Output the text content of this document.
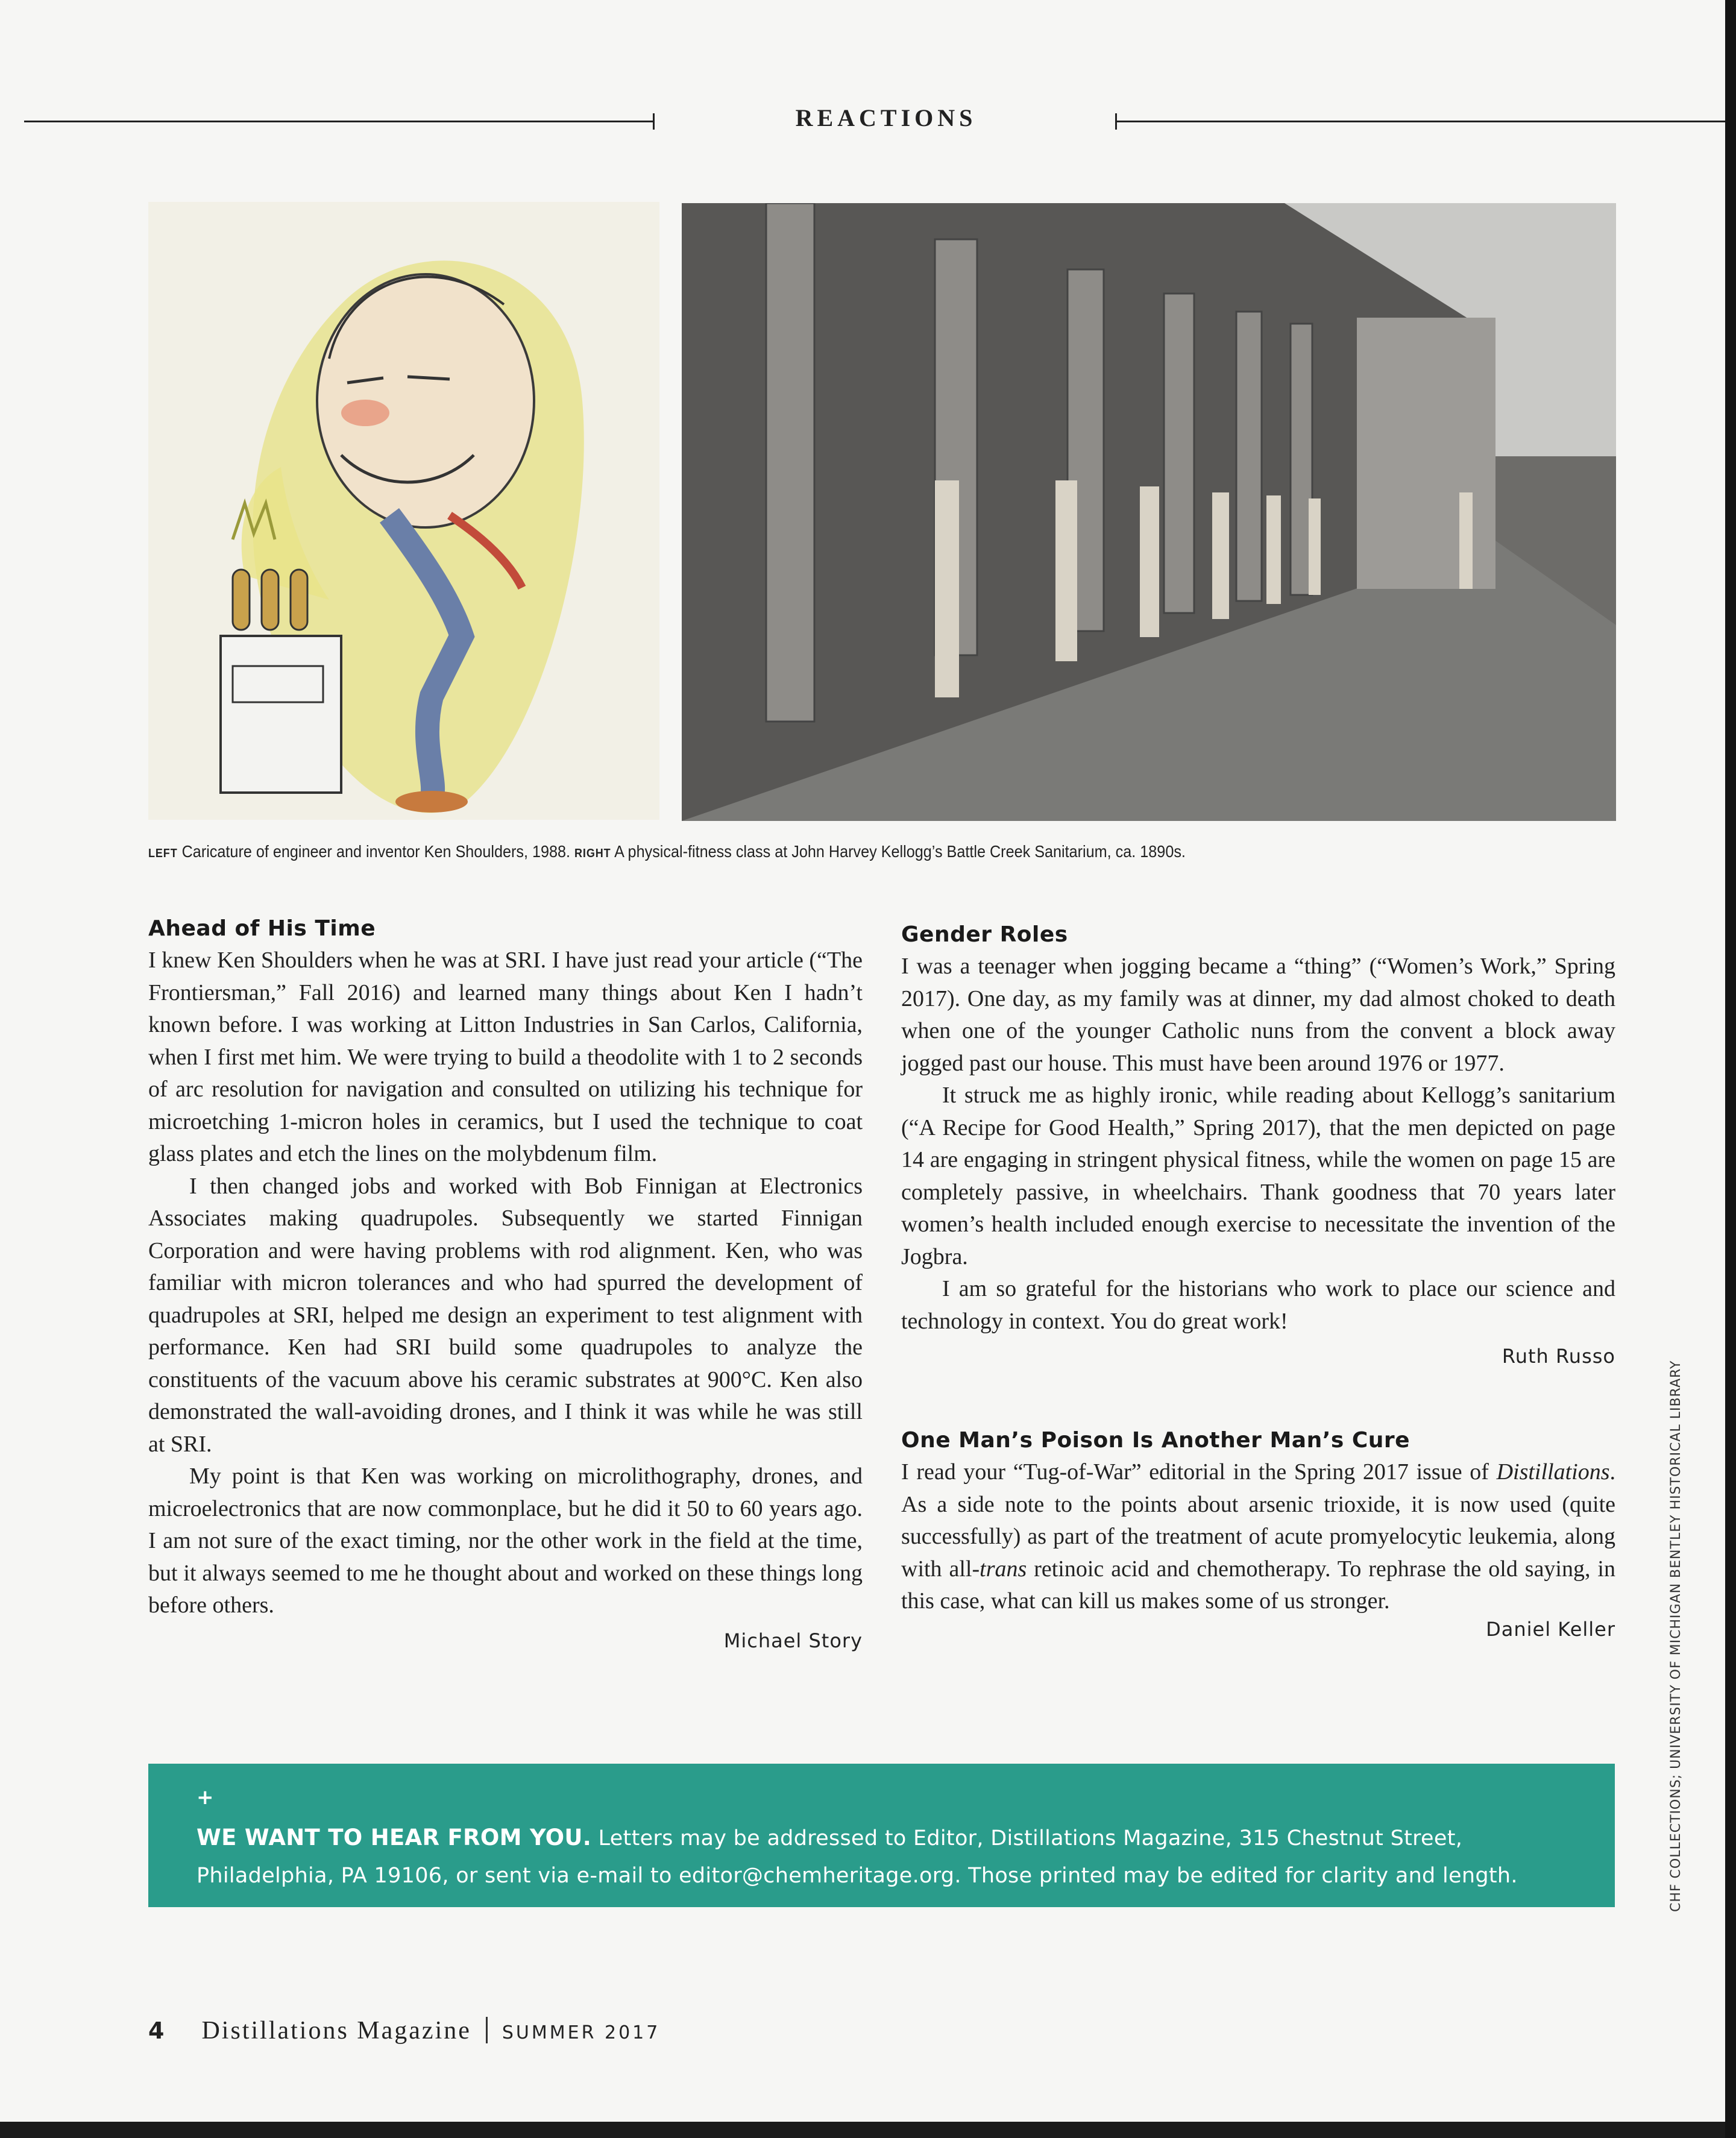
REACTIONS
LEFT Caricature of engineer and inventor Ken Shoulders, 1988. RIGHT A physical-fitness class at John Harvey Kellogg’s Battle Creek Sanitarium, ca. 1890s.
Ahead of His Time

I knew Ken Shoulders when he was at SRI. I have just read your article (“The Frontiersman,” Fall 2016) and learned many things about Ken I hadn’t known before. I was working at Litton Industries in San Carlos, California, when I first met him. We were trying to build a theodolite with 1 to 2 seconds of arc resolution for navigation and consulted on utilizing his technique for microetching 1-micron holes in ceramics, but I used the technique to coat glass plates and etch the lines on the molybdenum film.

I then changed jobs and worked with Bob Finnigan at Electronics Associates making quadrupoles. Subsequently we started Finnigan Corporation and were having problems with rod alignment. Ken, who was familiar with micron tolerances and who had spurred the development of quadrupoles at SRI, helped me design an experiment to test alignment with performance. Ken had SRI build some quadrupoles to analyze the constituents of the vacuum above his ceramic substrates at 900°C. Ken also demonstrated the wall-avoiding drones, and I think it was while he was still at SRI.

My point is that Ken was working on microlithography, drones, and microelectronics that are now commonplace, but he did it 50 to 60 years ago. I am not sure of the exact timing, nor the other work in the field at the time, but it always seemed to me he thought about and worked on these things long before others.

Michael Story
Gender Roles

I was a teenager when jogging became a “thing” (“Women’s Work,” Spring 2017). One day, as my family was at dinner, my dad almost choked to death when one of the younger Catholic nuns from the convent a block away jogged past our house. This must have been around 1976 or 1977.

It struck me as highly ironic, while reading about Kellogg’s sanitarium (“A Recipe for Good Health,” Spring 2017), that the men depicted on page 14 are engaging in stringent physical fitness, while the women on page 15 are completely passive, in wheelchairs. Thank goodness that 70 years later women’s health included enough exercise to necessitate the invention of the Jogbra.

I am so grateful for the historians who work to place our science and technology in context. You do great work!

Ruth Russo
One Man’s Poison Is Another Man’s Cure

I read your “Tug-of-War” editorial in the Spring 2017 issue of Distillations. As a side note to the points about arsenic trioxide, it is now used (quite successfully) as part of the treatment of acute promyelocytic leukemia, along with all-trans retinoic acid and chemotherapy. To rephrase the old saying, in this case, what can kill us makes some of us stronger.

Daniel Keller
+
WE WANT TO HEAR FROM YOU. Letters may be addressed to Editor, Distillations Magazine, 315 Chestnut Street, Philadelphia, PA 19106, or sent via e-mail to editor@chemheritage.org. Those printed may be edited for clarity and length.
4 Distillations Magazine SUMMER 2017
CHF COLLECTIONS; UNIVERSITY OF MICHIGAN BENTLEY HISTORICAL LIBRARY
